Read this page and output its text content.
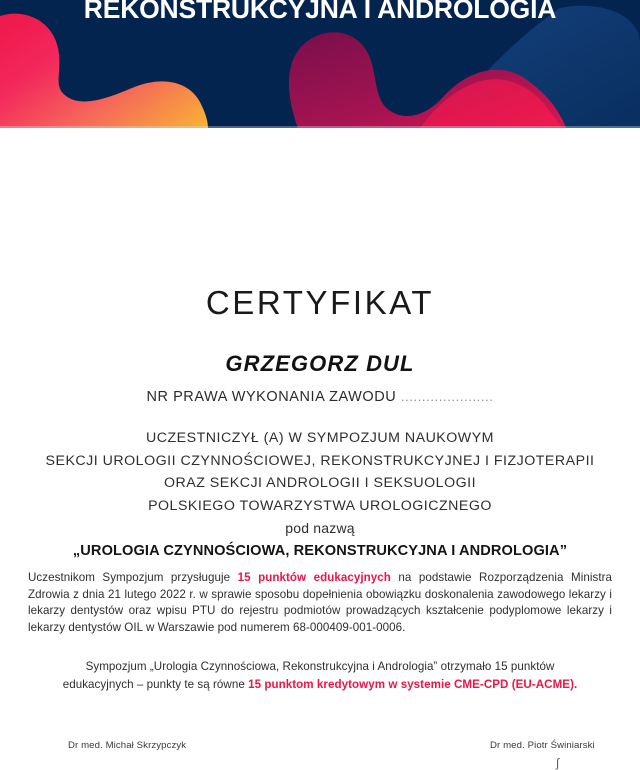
REKONSTRUKCYJNA I ANDROLOGIA
CERTYFIKAT
GRZEGORZ DUL
NR PRAWA WYKONANIA ZAWODU ......................
UCZESTNICZYŁ (A) W SYMPOZJUM NAUKOWYM
SEKCJI UROLOGII CZYNNOŚCIOWEJ, REKONSTRUKCYJNEJ I FIZJOTERAPII
ORAZ SEKCJI ANDROLOGII I SEKSUOLOGII
POLSKIEGO TOWARZYSTWA UROLOGICZNEGO
pod nazwą
„UROLOGIA CZYNNOŚCIOWA, REKONSTRUKCYJNA I ANDROLOGIA”
Uczestnikom Sympozjum przysługuje 15 punktów edukacyjnych na podstawie Rozporządzenia Ministra Zdrowia z dnia 21 lutego 2022 r. w sprawie sposobu dopełnienia obowiązku doskonalenia zawodowego lekarzy i lekarzy dentystów oraz wpisu PTU do rejestru podmiotów prowadzących kształcenie podyplomowe lekarzy i lekarzy dentystów OIL w Warszawie pod numerem 68-000409-001-0006.
Sympozjum „Urologia Czynnościowa, Rekonstrukcyjna i Andrologia” otrzymało 15 punktów edukacyjnych – punkty te są równe 15 punktom kredytowym w systemie CME-CPD (EU-ACME).
Dr med. Michał Skrzypczyk	Dr med. Piotr Świniarski
∫
